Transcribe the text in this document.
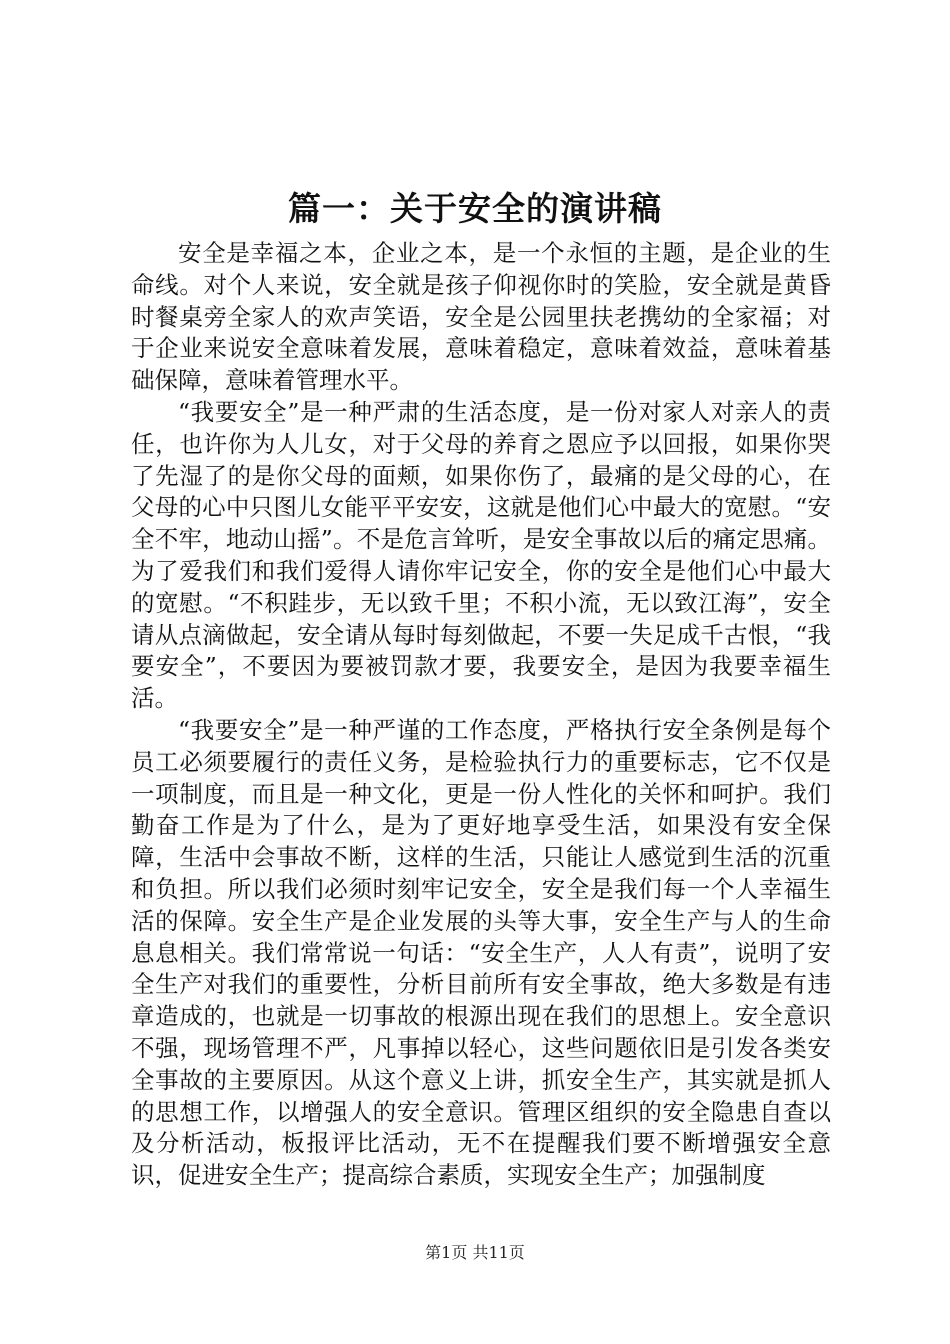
篇一：关于安全的演讲稿

安全是幸福之本，企业之本，是一个永恒的主题，是企业的生命线。对个人来说，安全就是孩子仰视你时的笑脸，安全就是黄昏时餐桌旁全家人的欢声笑语，安全是公园里扶老携幼的全家福；对于企业来说安全意味着发展，意味着稳定，意味着效益，意味着基础保障，意味着管理水平。

“我要安全”是一种严肃的生活态度，是一份对家人对亲人的责任，也许你为人儿女，对于父母的养育之恩应予以回报，如果你哭了先湿了的是你父母的面颊，如果你伤了，最痛的是父母的心，在父母的心中只图儿女能平平安安，这就是他们心中最大的宽慰。“安全不牢，地动山摇”。不是危言耸听，是安全事故以后的痛定思痛。为了爱我们和我们爱得人请你牢记安全，你的安全是他们心中最大的宽慰。“不积跬步，无以致千里；不积小流，无以致江海”，安全请从点滴做起，安全请从每时每刻做起，不要一失足成千古恨，“我要安全”，不要因为要被罚款才要，我要安全，是因为我要幸福生活。

“我要安全”是一种严谨的工作态度，严格执行安全条例是每个员工必须要履行的责任义务，是检验执行力的重要标志，它不仅是一项制度，而且是一种文化，更是一份人性化的关怀和呵护。我们勤奋工作是为了什么，是为了更好地享受生活，如果没有安全保障，生活中会事故不断，这样的生活，只能让人感觉到生活的沉重和负担。所以我们必须时刻牢记安全，安全是我们每一个人幸福生活的保障。安全生产是企业发展的头等大事，安全生产与人的生命息息相关。我们常常说一句话：“安全生产，人人有责”，说明了安全生产对我们的重要性，分析目前所有安全事故，绝大多数是有违章造成的，也就是一切事故的根源出现在我们的思想上。安全意识不强，现场管理不严，凡事掉以轻心，这些问题依旧是引发各类安全事故的主要原因。从这个意义上讲，抓安全生产，其实就是抓人的思想工作，以增强人的安全意识。管理区组织的安全隐患自查以及分析活动，板报评比活动，无不在提醒我们要不断增强安全意识，促进安全生产；提高综合素质，实现安全生产；加强制度

第1页 共11页
